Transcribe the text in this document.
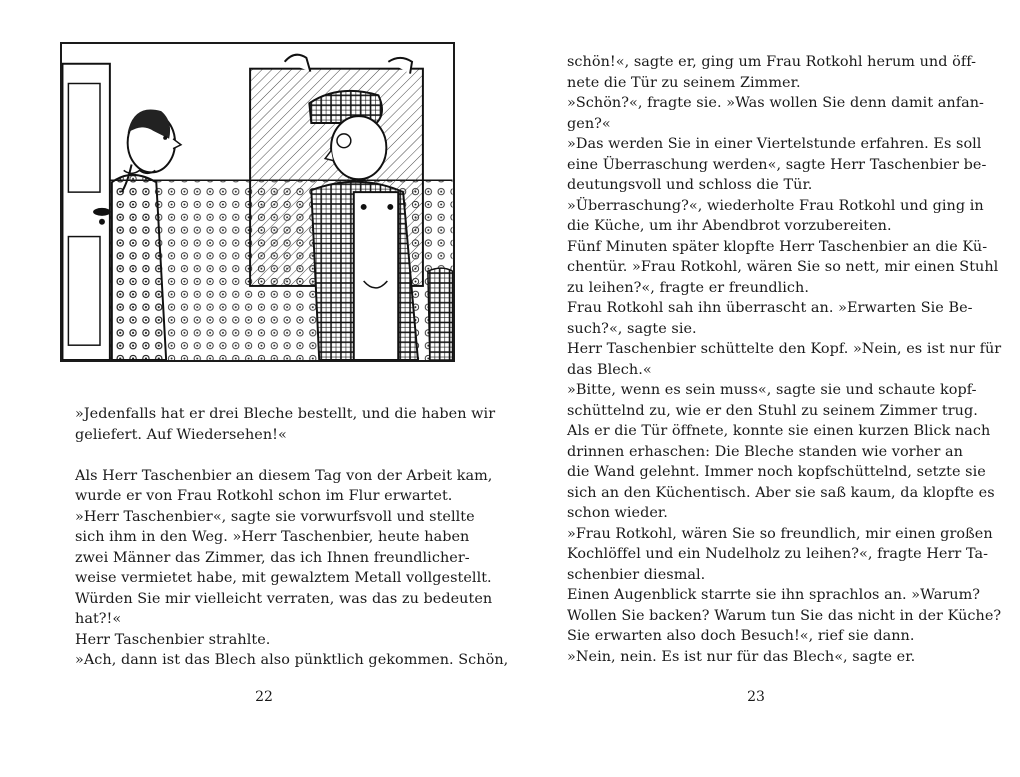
»Jedenfalls hat er drei Bleche bestellt, und die haben wir
geliefert. Auf Wiedersehen!«
Als Herr Taschenbier an diesem Tag von der Arbeit kam,
wurde er von Frau Rotkohl schon im Flur erwartet.
»Herr Taschenbier«, sagte sie vorwurfsvoll und stellte
sich ihm in den Weg. »Herr Taschenbier, heute haben
zwei Männer das Zimmer, das ich Ihnen freundlicher-
weise vermietet habe, mit gewalztem Metall vollgestellt.
Würden Sie mir vielleicht verraten, was das zu bedeuten
hat?!«
Herr Taschenbier strahlte.
»Ach, dann ist das Blech also pünktlich gekommen. Schön,
22
schön!«, sagte er, ging um Frau Rotkohl herum und öff-
nete die Tür zu seinem Zimmer.
»Schön?«, fragte sie. »Was wollen Sie denn damit anfan-
gen?«
»Das werden Sie in einer Viertelstunde erfahren. Es soll
eine Überraschung werden«, sagte Herr Taschenbier be-
deutungsvoll und schloss die Tür.
»Überraschung?«, wiederholte Frau Rotkohl und ging in
die Küche, um ihr Abendbrot vorzubereiten.
Fünf Minuten später klopfte Herr Taschenbier an die Kü-
chentür. »Frau Rotkohl, wären Sie so nett, mir einen Stuhl
zu leihen?«, fragte er freundlich.
Frau Rotkohl sah ihn überrascht an. »Erwarten Sie Be-
such?«, sagte sie.
Herr Taschenbier schüttelte den Kopf. »Nein, es ist nur für
das Blech.«
»Bitte, wenn es sein muss«, sagte sie und schaute kopf-
schüttelnd zu, wie er den Stuhl zu seinem Zimmer trug.
Als er die Tür öffnete, konnte sie einen kurzen Blick nach
drinnen erhaschen: Die Bleche standen wie vorher an
die Wand gelehnt. Immer noch kopfschüttelnd, setzte sie
sich an den Küchentisch. Aber sie saß kaum, da klopfte es
schon wieder.
»Frau Rotkohl, wären Sie so freundlich, mir einen großen
Kochlöffel und ein Nudelholz zu leihen?«, fragte Herr Ta-
schenbier diesmal.
Einen Augenblick starrte sie ihn sprachlos an. »Warum?
Wollen Sie backen? Warum tun Sie das nicht in der Küche?
Sie erwarten also doch Besuch!«, rief sie dann.
»Nein, nein. Es ist nur für das Blech«, sagte er.
23
